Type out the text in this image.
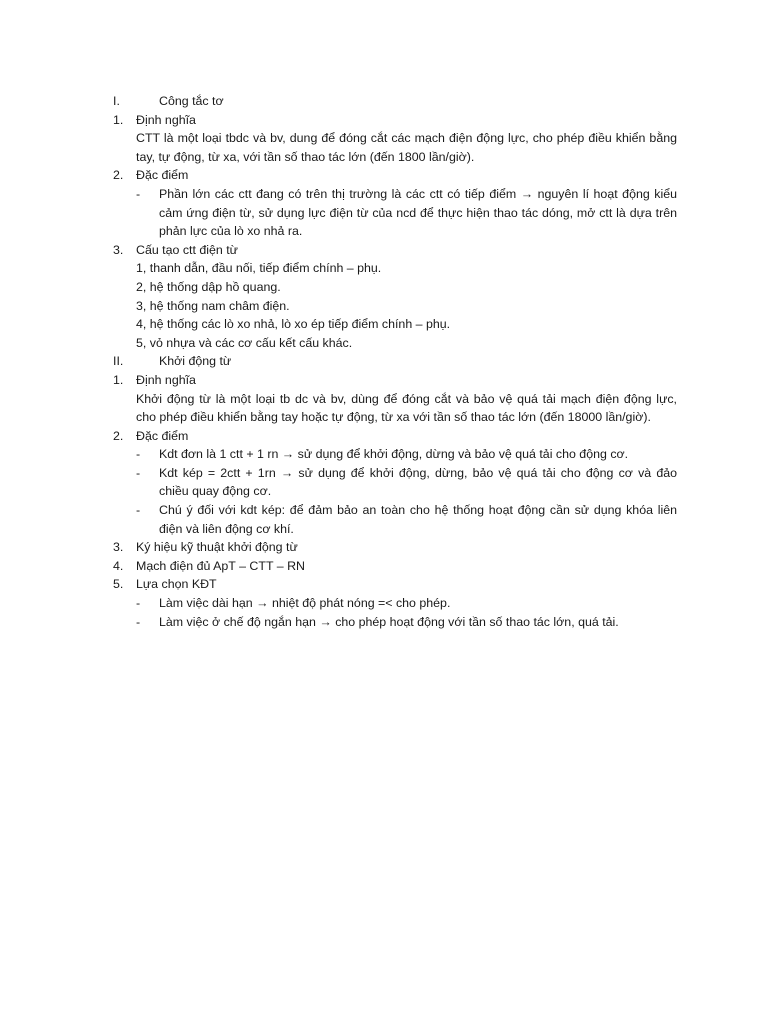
I.	Công tắc tơ
1. Định nghĩa
CTT là một loại tbdc và bv, dung để đóng cắt các mạch điện động lực, cho phép điều khiển bằng
tay, tự động, từ xa, với tần số thao tác lớn (đến 1800 lần/giờ).
2. Đặc điểm
- Phần lớn các ctt đang có trên thị trường là các ctt có tiếp điểm → nguyên lí hoạt động kiểu
cảm ứng điện từ, sử dụng lực điện từ của ncd để thực hiện thao tác dóng, mở ctt là dựa trên
phản lực của lò xo nhả ra.
3. Cấu tạo ctt điện từ
1, thanh dẫn, đầu nối, tiếp điểm chính – phụ.
2, hệ thống dập hồ quang.
3, hệ thống nam châm điện.
4, hệ thống các lò xo nhả, lò xo ép tiếp điểm chính – phụ.
5, vỏ nhựa và các cơ cấu kết cấu khác.
II.	Khởi động từ
1. Định nghĩa
Khởi động từ là một loại tb dc và bv, dùng để đóng cắt và bảo vệ quá tải mạch điện động lực,
cho phép điều khiển bằng tay hoặc tự động, từ xa với tần số thao tác lớn (đến 18000 lần/giờ).
2. Đặc điểm
- Kdt đơn là 1 ctt + 1 rn → sử dụng để khởi động, dừng và bảo vệ quá tải cho động cơ.
- Kdt kép = 2ctt + 1rn → sử dụng để khởi động, dừng, bảo vệ quá tải cho động cơ và đảo
chiều quay động cơ.
- Chú ý đối với kdt kép: để đảm bảo an toàn cho hệ thống hoạt động cần sử dụng khóa liên
điện và liên động cơ khí.
3. Ký hiệu kỹ thuật khởi động từ
4. Mạch điện đủ ApT – CTT – RN
5. Lựa chọn KĐT
- Làm việc dài hạn → nhiệt độ phát nóng =< cho phép.
- Làm việc ở chế độ ngắn hạn → cho phép hoạt động với tần số thao tác lớn, quá tải.
